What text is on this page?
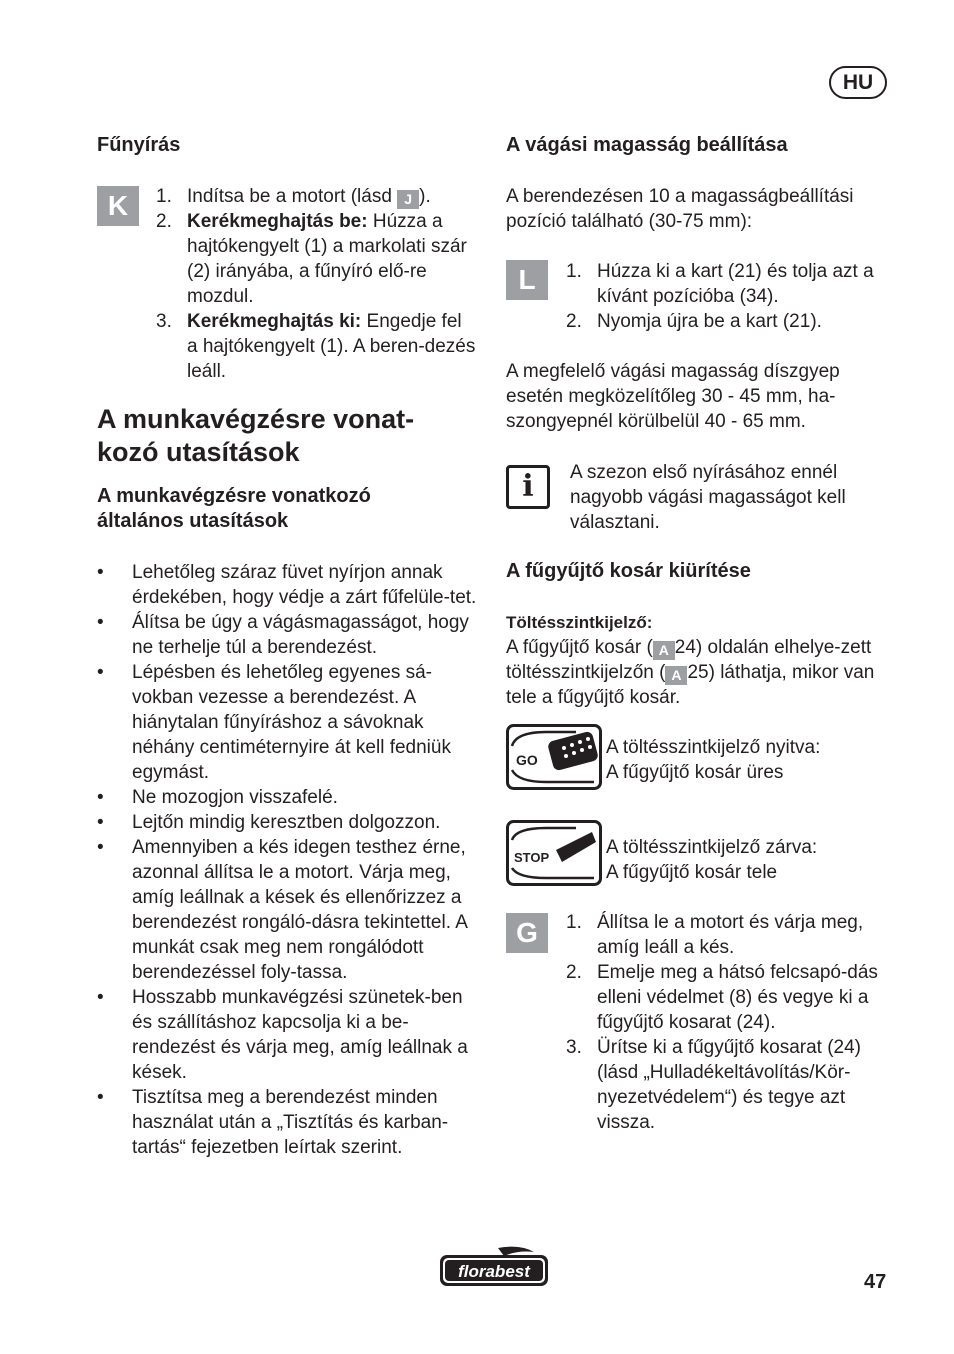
HU
Fűnyírás
K	1. Indítsa be a motort (lásd J ).
2. Kerékmeghajtás be: Húzza a hajtókengyelt (1) a markolati szár (2) irányába, a fűnyíró elő-re mozdul.
3. Kerékmeghajtás ki: Engedje fel a hajtókengyelt (1). A beren-dezés leáll.
A munkavégzésre vonat-
kozó utasítások
A munkavégzésre vonatkozó
általános utasítások
• Lehetőleg száraz füvet nyírjon annak érdekében, hogy védje a zárt fűfelüle-tet.
• Álítsa be úgy a vágásmagasságot, hogy ne terhelje túl a berendezést.
• Lépésben és lehetőleg egyenes sá-vokban vezesse a berendezést. A hiánytalan fűnyíráshoz a sávoknak néhány centiméternyire át kell fedniük egymást.
• Ne mozogjon visszafelé.
• Lejtőn mindig keresztben dolgozzon.
• Amennyiben a kés idegen testhez érne, azonnal állítsa le a motort. Várja meg, amíg leállnak a kések és ellenőrizzez a berendezést rongáló-dásra tekintettel. A munkát csak meg nem rongálódott berendezéssel foly-tassa.
• Hosszabb munkavégzési szünetek-ben és szállításhoz kapcsolja ki a be-rendezést és várja meg, amíg leállnak a kések.
• Tisztítsa meg a berendezést minden használat után a „Tisztítás és karban-tartás“ fejezetben leírtak szerint.
A vágási magasság beállítása

A berendezésen 10 a magasságbeállítási pozíció található (30-75 mm):

L	1. Húzza ki a kart (21) és tolja azt a kívánt pozícióba (34).
2. Nyomja újra be a kart (21).

A megfelelő vágási magasság díszgyep esetén megközelítőleg 30 - 45 mm, ha-szongyepnél körülbelül 40 - 65 mm.

i	A szezon első nyírásához ennél nagyobb vágási magasságot kell választani.

A fűgyűjtő kosár kiürítése

Töltésszintkijelző:

A fűgyűjtő kosár ( A 24) oldalán elhelye-zett töltésszintkijelzőn ( A 25) láthatja, mikor van tele a fűgyűjtő kosár.

GO

A töltésszintkijelző nyitva:
A fűgyűjtő kosár üres

STOP	A töltésszintkijelző zárva:
A fűgyűjtő kosár tele

G	1. Állítsa le a motort és várja meg, amíg leáll a kés.
2. Emelje meg a hátsó felcsapó-dás elleni védelmet (8) és vegye ki a fűgyűjtő kosarat (24).
3. Ürítse ki a fűgyűjtő kosarat (24) (lásd „Hulladékeltávolítás/Kör-nyezetvédelem“) és tegye azt vissza.
florabest	47
